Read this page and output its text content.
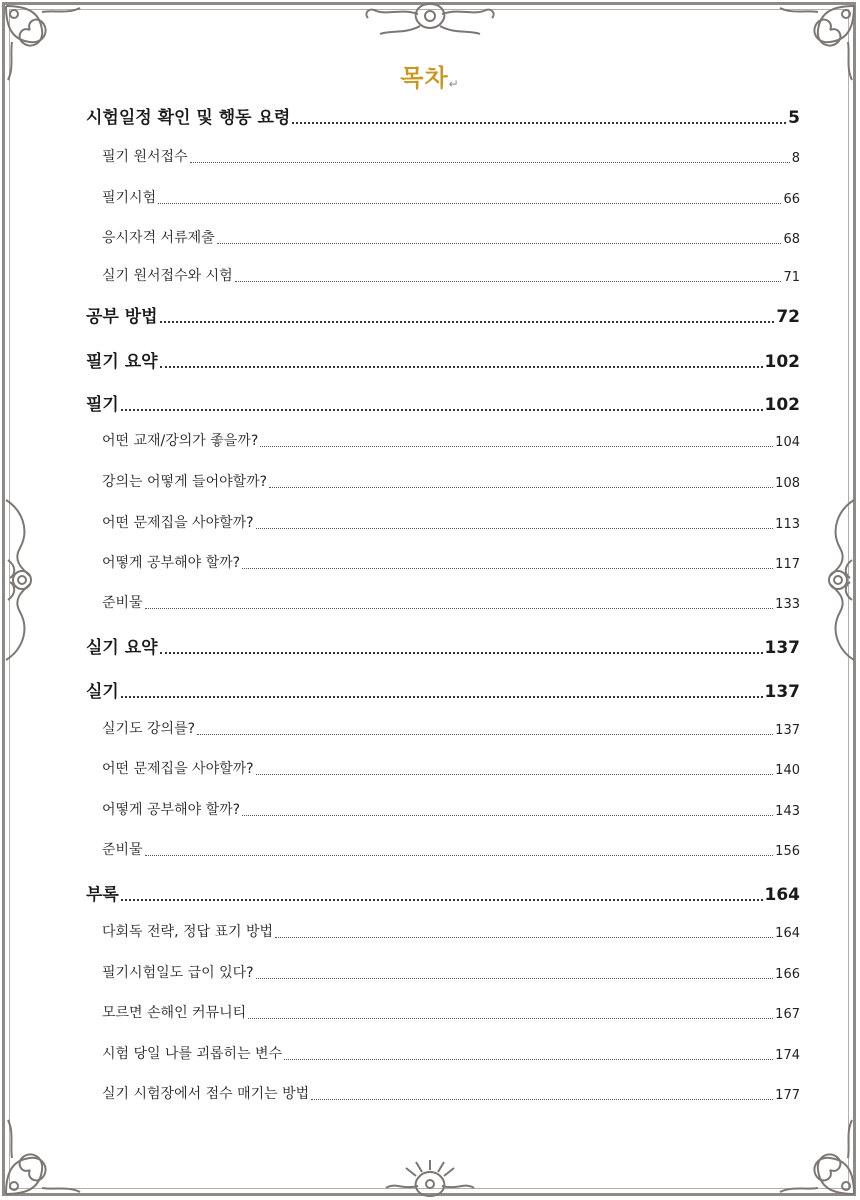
목차↵
시험일정 확인 및 행동 요령	5
필기 원서접수	8
필기시험	66
응시자격 서류제출	68
실기 원서접수와 시험	71
공부 방법	72
필기 요약	102
필기	102
어떤 교재/강의가 좋을까?	104
강의는 어떻게 들어야할까?	108
어떤 문제집을 사야할까?	113
어떻게 공부해야 할까?	117
준비물	133
실기 요약	137
실기	137
실기도 강의를?	137
어떤 문제집을 사야할까?	140
어떻게 공부해야 할까?	143
준비물	156
부록	164
다회독 전략, 정답 표기 방법	164
필기시험일도 급이 있다?	166
모르면 손해인 커뮤니티	167
시험 당일 나를 괴롭히는 변수	174
실기 시험장에서 점수 매기는 방법	177
